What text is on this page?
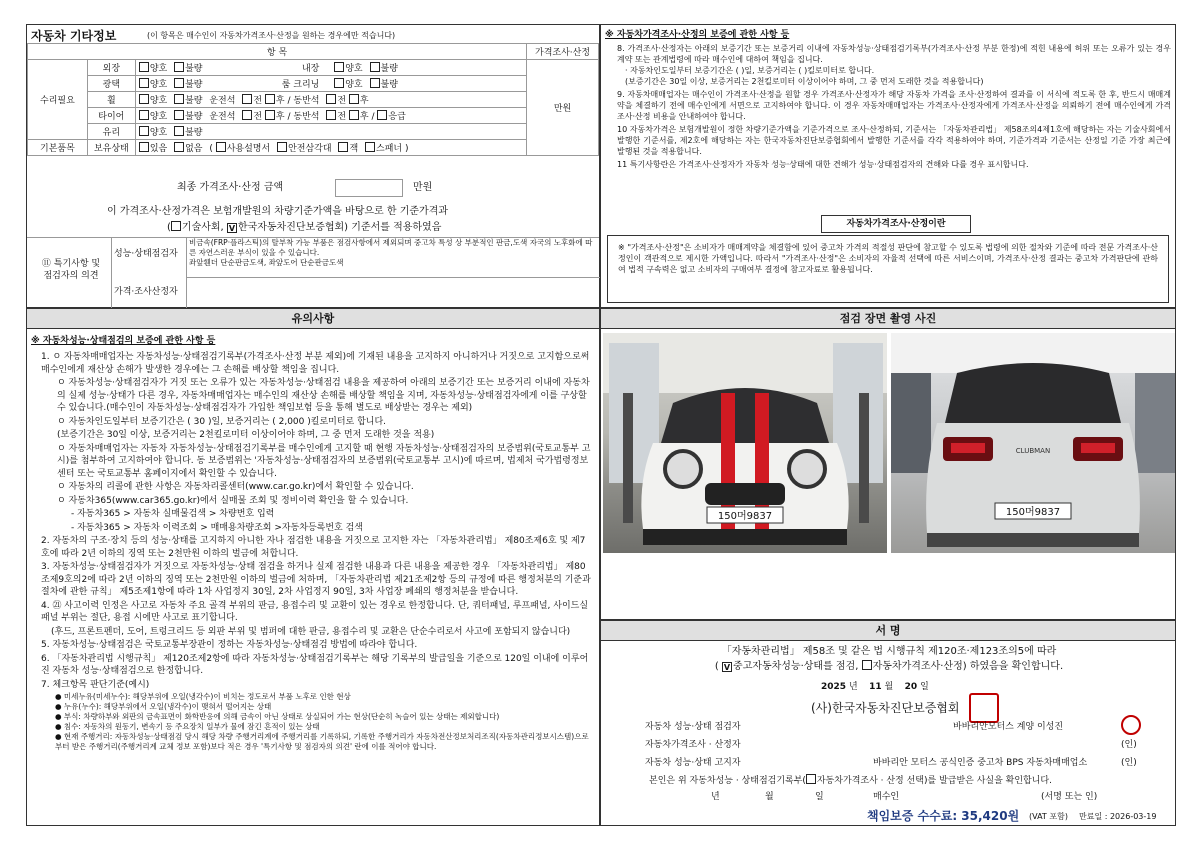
자동차 기타정보	(이 항목은 매수인이 자동차가격조사·산정을 원하는 경우에만 적습니다)
항 목			가격조사·산정
수리필요	외장	양호 불량 내장 양호 불량	만원
	광택	양호 불량 룸 크리닝 양호 불량	
	휠	양호 불량 운전석 전 후 / 동반석 전 후	
	타이어	양호 불량 운전석 전 후 / 동반석 전 후 / 응급	
	유리	양호 불량	
기본품목	보유상태	있음 없음 ( 사용설명서 안전삼각대 잭 스패너 )	
최종 가격조사·산정 금액	만원
이 가격조사·산정가격은 보험개발원의 차량기준가액을 바탕으로 한 기준가격과
( 기술사회, V 한국자동차진단보증협회) 기준서를 적용하였음
⑪ 특기사항 및
점검자의 의견
성능·상태점검자
비금속(FRP·플라스틱)의 탈부착 가능 부품은 점검사항에서 제외되며 중고차 특성 상 부분적인 판금,도색 자국의 노후화에 따른 자연스러운 부식이 있을 수 있습니다.
좌앞휀더 단순판금도색, 좌앞도어 단순판금도색
가격·조사산정자
※ 자동차가격조사·산정의 보증에 관한 사항 등
8. 가격조사·산정자는 아래의 보증기간 또는 보증거리 이내에 자동차성능·상태점검기록부(가격조사·산정 부분 한정)에 적힌 내용에 허위 또는 오류가 있는 경우 계약 또는 관계법령에 따라 매수인에 대하여 책임을 집니다.
· 자동차인도일부터 보증기간은 ( )일, 보증거리는 ( )킬로미터로 합니다.
(보증기간은 30일 이상, 보증거리는 2천킬로미터 이상이어야 하며, 그 중 먼저 도래한 것을 적용합니다)
9. 자동차매매업자는 매수인이 가격조사·산정을 원할 경우 가격조사·산정자가 해당 자동차 가격을 조사·산정하여 결과를 이 서식에 적도록 한 후, 반드시 매매계약을 체결하기 전에 매수인에게 서면으로 고지하여야 합니다. 이 경우 자동차매매업자는 가격조사·산정자에게 가격조사·산정을 의뢰하기 전에 매수인에게 가격조사·산정 비용을 안내하여야 합니다.
10 자동차가격은 보험개발원이 정한 차량기준가액을 기준가격으로 조사·산정하되, 기준서는 「자동차관리법」 제58조의4제1호에 해당하는 자는 기술사회에서 발행한 기준서를, 제2호에 해당하는 자는 한국자동차진단보증협회에서 발행한 기준서를 각각 적용하여야 하며, 기준가격과 기준서는 산정일 기준 가장 최근에 발행된 것을 적용합니다.
11 특기사항란은 가격조사·산정자가 자동차 성능·상태에 대한 견해가 성능·상태점검자의 견해와 다를 경우 표시합니다.
자동차가격조사·산정이란
※ "가격조사·산정"은 소비자가 매매계약을 체결함에 있어 중고차 가격의 적절성 판단에 참고할 수 있도록 법령에 의한 절차와 기준에 따라 전문 가격조사·산정인이 객관적으로 제시한 가액입니다. 따라서 "가격조사·산정"은 소비자의 자율적 선택에 따른 서비스이며, 가격조사·산정 결과는 중고차 가격판단에 관하여 법적 구속력은 없고 소비자의 구매여부 결정에 참고자료로 활용됩니다.
유의사항
※ 자동차성능·상태점검의 보증에 관한 사항 등
1. ㅇ 자동차매매업자는 자동차성능·상태점검기록부(가격조사·산정 부분 제외)에 기재된 내용을 고지하지 아니하거나 거짓으로 고지함으로써 매수인에게 재산상 손해가 발생한 경우에는 그 손해를 배상할 책임을 집니다.
ㅇ 자동차성능·상태점검자가 거짓 또는 오류가 있는 자동차성능·상태점검 내용을 제공하여 아래의 보증기간 또는 보증거리 이내에 자동차의 실제 성능·상태가 다른 경우, 자동차매매업자는 매수인의 재산상 손해를 배상할 책임을 지며, 자동차성능·상태점검자에게 이를 구상할 수 있습니다.(매수인이 자동차성능·상태점검자가 가입한 책임보험 등을 통해 별도로 배상받는 경우는 제외)
ㅇ 자동차인도일부터 보증기간은 ( 30 )일, 보증거리는 ( 2,000 )킬로미터로 합니다.
(보증기간은 30일 이상, 보증거리는 2천킬로미터 이상이어야 하며, 그 중 먼저 도래한 것을 적용)
ㅇ 자동차매매업자는 자동차 자동차성능·상태점검기록부를 매수인에게 고지할 때 현행 자동차성능·상태점검자의 보증범위(국토교통부 고시)를 첨부하여 고지하여야 합니다. 동 보증범위는 '자동차성능·상태점검자의 보증범위(국토교통부 고시)에 따르며, 법제처 국가법령정보센터 또는 국토교통부 홈페이지에서 확인할 수 있습니다.
ㅇ 자동차의 리콜에 관한 사항은 자동차리콜센터(www.car.go.kr)에서 확인할 수 있습니다.
ㅇ 자동차365(www.car365.go.kr)에서 실매물 조회 및 정비이력 확인을 할 수 있습니다.
- 자동차365 > 자동차 실매물검색 > 차량번호 입력
- 자동차365 > 자동차 이력조회 > 매매용차량조회 >자동차등록번호 검색
2. 자동차의 구조·장치 등의 성능·상태를 고지하지 아니한 자나 점검한 내용을 거짓으로 고지한 자는 「자동차관리법」 제80조제6호 및 제7호에 따라 2년 이하의 징역 또는 2천만원 이하의 벌금에 처합니다.
3. 자동차성능·상태점검자가 거짓으로 자동차성능·상태 점검을 하거나 실제 점검한 내용과 다른 내용을 제공한 경우 「자동차관리법」 제80조제9호의2에 따라 2년 이하의 징역 또는 2천만원 이하의 벌금에 처하며, 「자동차관리법 제21조제2항 등의 규정에 따른 행정처분의 기준과 절차에 관한 규칙」 제5조제1항에 따라 1차 사업정지 30일, 2차 사업정지 90일, 3차 사업장 폐쇄의 행정처분을 받습니다.
4. ㉑ 사고이력 인정은 사고로 자동차 주요 골격 부위의 판금, 용접수리 및 교환이 있는 경우로 한정합니다. 단, 쿼터패널, 루프패널, 사이드실패널 부위는 절단, 용접 시에만 사고로 표기합니다.
(후드, 프론트펜더, 도어, 트렁크리드 등 외판 부위 및 범퍼에 대한 판금, 용접수리 및 교환은 단순수리로서 사고에 포함되지 않습니다)
5. 자동차성능·상태점검은 국토교통부장관이 정하는 자동차성능·상태점검 방법에 따라야 합니다.
6. 「자동차관리법 시행규칙」 제120조제2항에 따라 자동차성능·상태점검기록부는 해당 기록부의 발급일을 기준으로 120일 이내에 이루어진 자동차 성능·상태점검으로 한정합니다.
7. 체크항목 판단기준(예시)
● 미세누유(미세누수): 해당부위에 오일(냉각수)이 비치는 정도로서 부품 노후로 인한 현상
● 누유(누수): 해당부위에서 오일(냉각수)이 맺혀서 떨어지는 상태
● 부식: 차량하부와 외판의 금속표면이 화학반응에 의해 금속이 아닌 상태로 상실되어 가는 현상(단순히 녹슬어 있는 상태는 제외합니다)
● 침수: 자동차의 원동기, 변속기 등 주요장치 일부가 물에 잠긴 흔적이 있는 상태
● 현재 주행거리: 자동차성능·상태점검 당시 해당 차량 주행거리계에 주행거리를 기록하되, 기록한 주행거리가 자동차전산정보처리조직(자동차관리정보시스템)으로부터 받은 주행거리(주행거리계 교체 정보 포함)보다 적은 경우 '특기사항 및 점검자의 의견' 란에 이를 적어야 합니다.
점검 장면 촬영 사진
150머9837
CLUBMAN
150머9837
서 명
「자동차관리법」 제58조 및 같은 법 시행규칙 제120조·제123조의5에 따라
( V 중고자동차성능·상태를 점검, 자동차가격조사·산정) 하였음을 확인합니다.
2025 년 11 월 20 일
(사)한국자동차진단보증협회
자동차 성능·상태 점검자	바바리안모터스 계양 이성진
자동차가격조사 · 산정자	(인)
자동차 성능·상태 고지자	바바리안 모터스 공식인증 중고차 BPS 자동차매매업소	(인)
본인은 위 자동차성능 · 상태점검기록부( 자동차가격조사 · 산정 선택)를 발급받은 사실을 확인합니다.
년	월	일	매수인	(서명 또는 인)
책임보증 수수료: 35,420원 (VAT 포함) 만료일 : 2026-03-19
